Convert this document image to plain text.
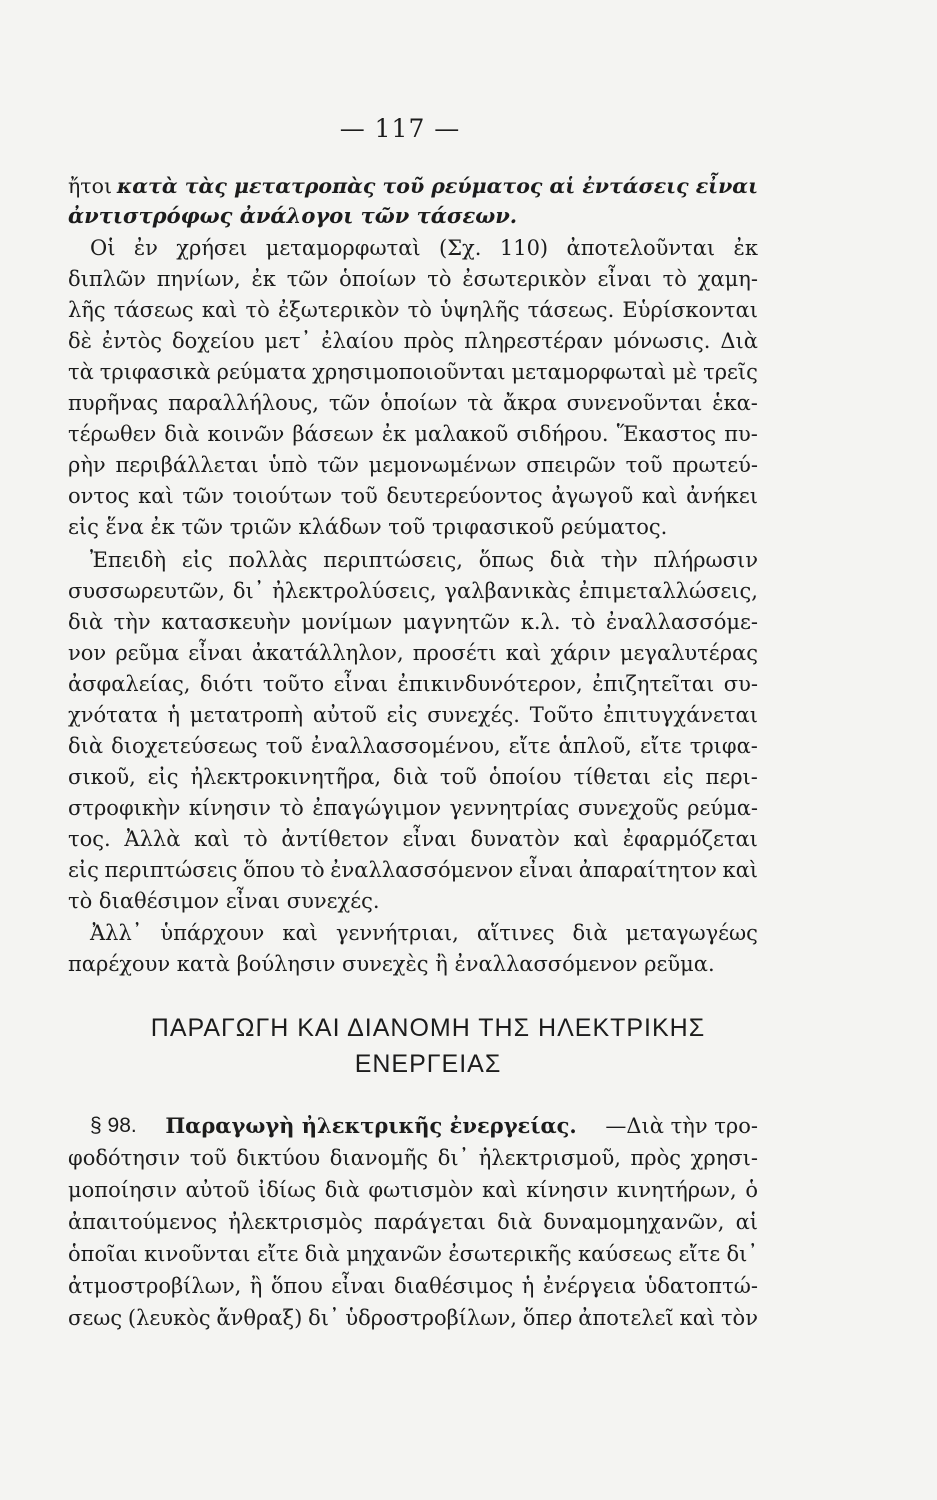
— 117 —
ἤτοι κατὰ τὰς μετατροπὰς τοῦ ρεύματος αἱ ἐντάσεις εἶναι
ἀντιστρόφως ἀνάλογοι τῶν τάσεων.
Οἱ ἐν χρήσει μεταμορφωταὶ (Σχ. 110) ἀποτελοῦνται ἐκ
διπλῶν πηνίων, ἐκ τῶν ὁποίων τὸ ἐσωτερικὸν εἶναι τὸ χαμη-
λῆς τάσεως καὶ τὸ ἐξωτερικὸν τὸ ὑψηλῆς τάσεως. Εὑρίσκονται
δὲ ἐντὸς δοχείου μετ᾽ ἐλαίου πρὸς πληρεστέραν μόνωσις. Διὰ
τὰ τριφασικὰ ρεύματα χρησιμοποιοῦνται μεταμορφωταὶ μὲ τρεῖς
πυρῆνας παραλλήλους, τῶν ὁποίων τὰ ἄκρα συνενοῦνται ἑκα-
τέρωθεν διὰ κοινῶν βάσεων ἐκ μαλακοῦ σιδήρου. Ἕκαστος πυ-
ρὴν περιβάλλεται ὑπὸ τῶν μεμονωμένων σπειρῶν τοῦ πρωτεύ-
οντος καὶ τῶν τοιούτων τοῦ δευτερεύοντος ἀγωγοῦ καὶ ἀνήκει
εἰς ἕνα ἐκ τῶν τριῶν κλάδων τοῦ τριφασικοῦ ρεύματος.
Ἐπειδὴ εἰς πολλὰς περιπτώσεις, ὅπως διὰ τὴν πλήρωσιν
συσσωρευτῶν, δι᾽ ἠλεκτρολύσεις, γαλβανικὰς ἐπιμεταλλώσεις,
διὰ τὴν κατασκευὴν μονίμων μαγνητῶν κ.λ. τὸ ἐναλλασσόμε-
νον ρεῦμα εἶναι ἀκατάλληλον, προσέτι καὶ χάριν μεγαλυτέρας
ἀσφαλείας, διότι τοῦτο εἶναι ἐπικινδυνότερον, ἐπιζητεῖται συ-
χνότατα ἡ μετατροπὴ αὐτοῦ εἰς συνεχές. Τοῦτο ἐπιτυγχάνεται
διὰ διοχετεύσεως τοῦ ἐναλλασσομένου, εἴτε ἁπλοῦ, εἴτε τριφα-
σικοῦ, εἰς ἠλεκτροκινητῆρα, διὰ τοῦ ὁποίου τίθεται εἰς περι-
στροφικὴν κίνησιν τὸ ἐπαγώγιμον γεννητρίας συνεχοῦς ρεύμα-
τος. Ἀλλὰ καὶ τὸ ἀντίθετον εἶναι δυνατὸν καὶ ἐφαρμόζεται
εἰς περιπτώσεις ὅπου τὸ ἐναλλασσόμενον εἶναι ἀπαραίτητον καὶ
τὸ διαθέσιμον εἶναι συνεχές.
Ἀλλ᾽ ὑπάρχουν καὶ γεννήτριαι, αἵτινες διὰ μεταγωγέως
παρέχουν κατὰ βούλησιν συνεχὲς ἢ ἐναλλασσόμενον ρεῦμα.
ΠΑΡΑΓΩΓΗ ΚΑΙ ΔΙΑΝΟΜΗ ΤΗΣ ΗΛΕΚΤΡΙΚΗΣ
ΕΝΕΡΓΕΙΑΣ
§ 98. Παραγωγὴ ἠλεκτρικῆς ἐνεργείας. —Διὰ τὴν τρο-
φοδότησιν τοῦ δικτύου διανομῆς δι᾽ ἠλεκτρισμοῦ, πρὸς χρησι-
μοποίησιν αὐτοῦ ἰδίως διὰ φωτισμὸν καὶ κίνησιν κινητήρων, ὁ
ἀπαιτούμενος ἠλεκτρισμὸς παράγεται διὰ δυναμομηχανῶν, αἱ
ὁποῖαι κινοῦνται εἴτε διὰ μηχανῶν ἐσωτερικῆς καύσεως εἴτε δι᾽
ἀτμοστροβίλων, ἢ ὅπου εἶναι διαθέσιμος ἡ ἐνέργεια ὑδατοπτώ-
σεως (λευκὸς ἄνθραξ) δι᾽ ὑδροστροβίλων, ὅπερ ἀποτελεῖ καὶ τὸν
